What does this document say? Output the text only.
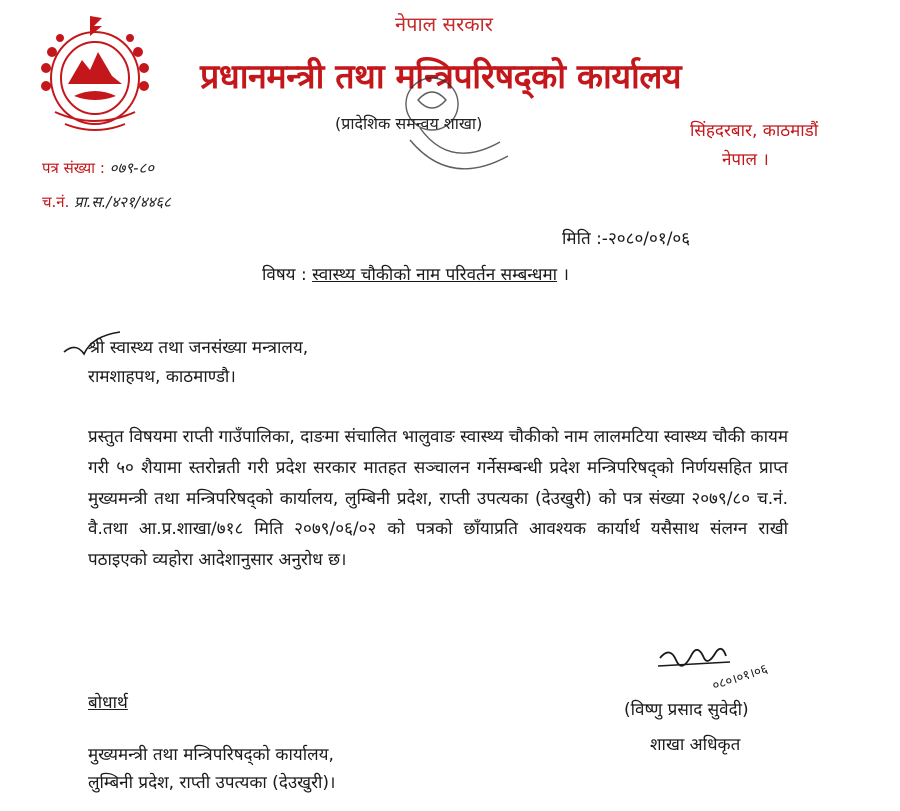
नेपाल सरकार
प्रधानमन्त्री तथा मन्त्रिपरिषद्को कार्यालय
(प्रादेशिक समन्वय शाखा)	सिंहदरबार, काठमाडौं
नेपाल ।
पत्र संख्या : ०७९-८०
च.नं. प्रा.स./४२१/४४६८
मिति :-२०८०/०१/०६
विषय : स्वास्थ्य चौकीको नाम परिवर्तन सम्बन्धमा ।
श्री स्वास्थ्य तथा जनसंख्या मन्त्रालय,
रामशाहपथ, काठमाण्डौ।
प्रस्तुत विषयमा राप्ती गाउँपालिका, दाङमा संचालित भालुवाङ स्वास्थ्य चौकीको नाम लालमटिया स्वास्थ्य चौकी कायम गरी ५० शैयामा स्तरोन्नती गरी प्रदेश सरकार मातहत सञ्चालन गर्नेसम्बन्धी प्रदेश मन्त्रिपरिषद्को निर्णयसहित प्राप्त मुख्यमन्त्री तथा मन्त्रिपरिषद्को कार्यालय, लुम्बिनी प्रदेश, राप्ती उपत्यका (देउखुरी) को पत्र संख्या २०७९/८० च.नं. वै.तथा आ.प्र.शाखा/७१८ मिति २०७९/०६/०२ को पत्रको छाँयाप्रति आवश्यक कार्यार्थ यसैसाथ संलग्न राखी पठाइएको व्यहोरा आदेशानुसार अनुरोध छ।
०८०।०१।०६
(विष्णु प्रसाद सुवेदी)
शाखा अधिकृत
बोधार्थ
मुख्यमन्त्री तथा मन्त्रिपरिषद्को कार्यालय,
लुम्बिनी प्रदेश, राप्ती उपत्यका (देउखुरी)।
